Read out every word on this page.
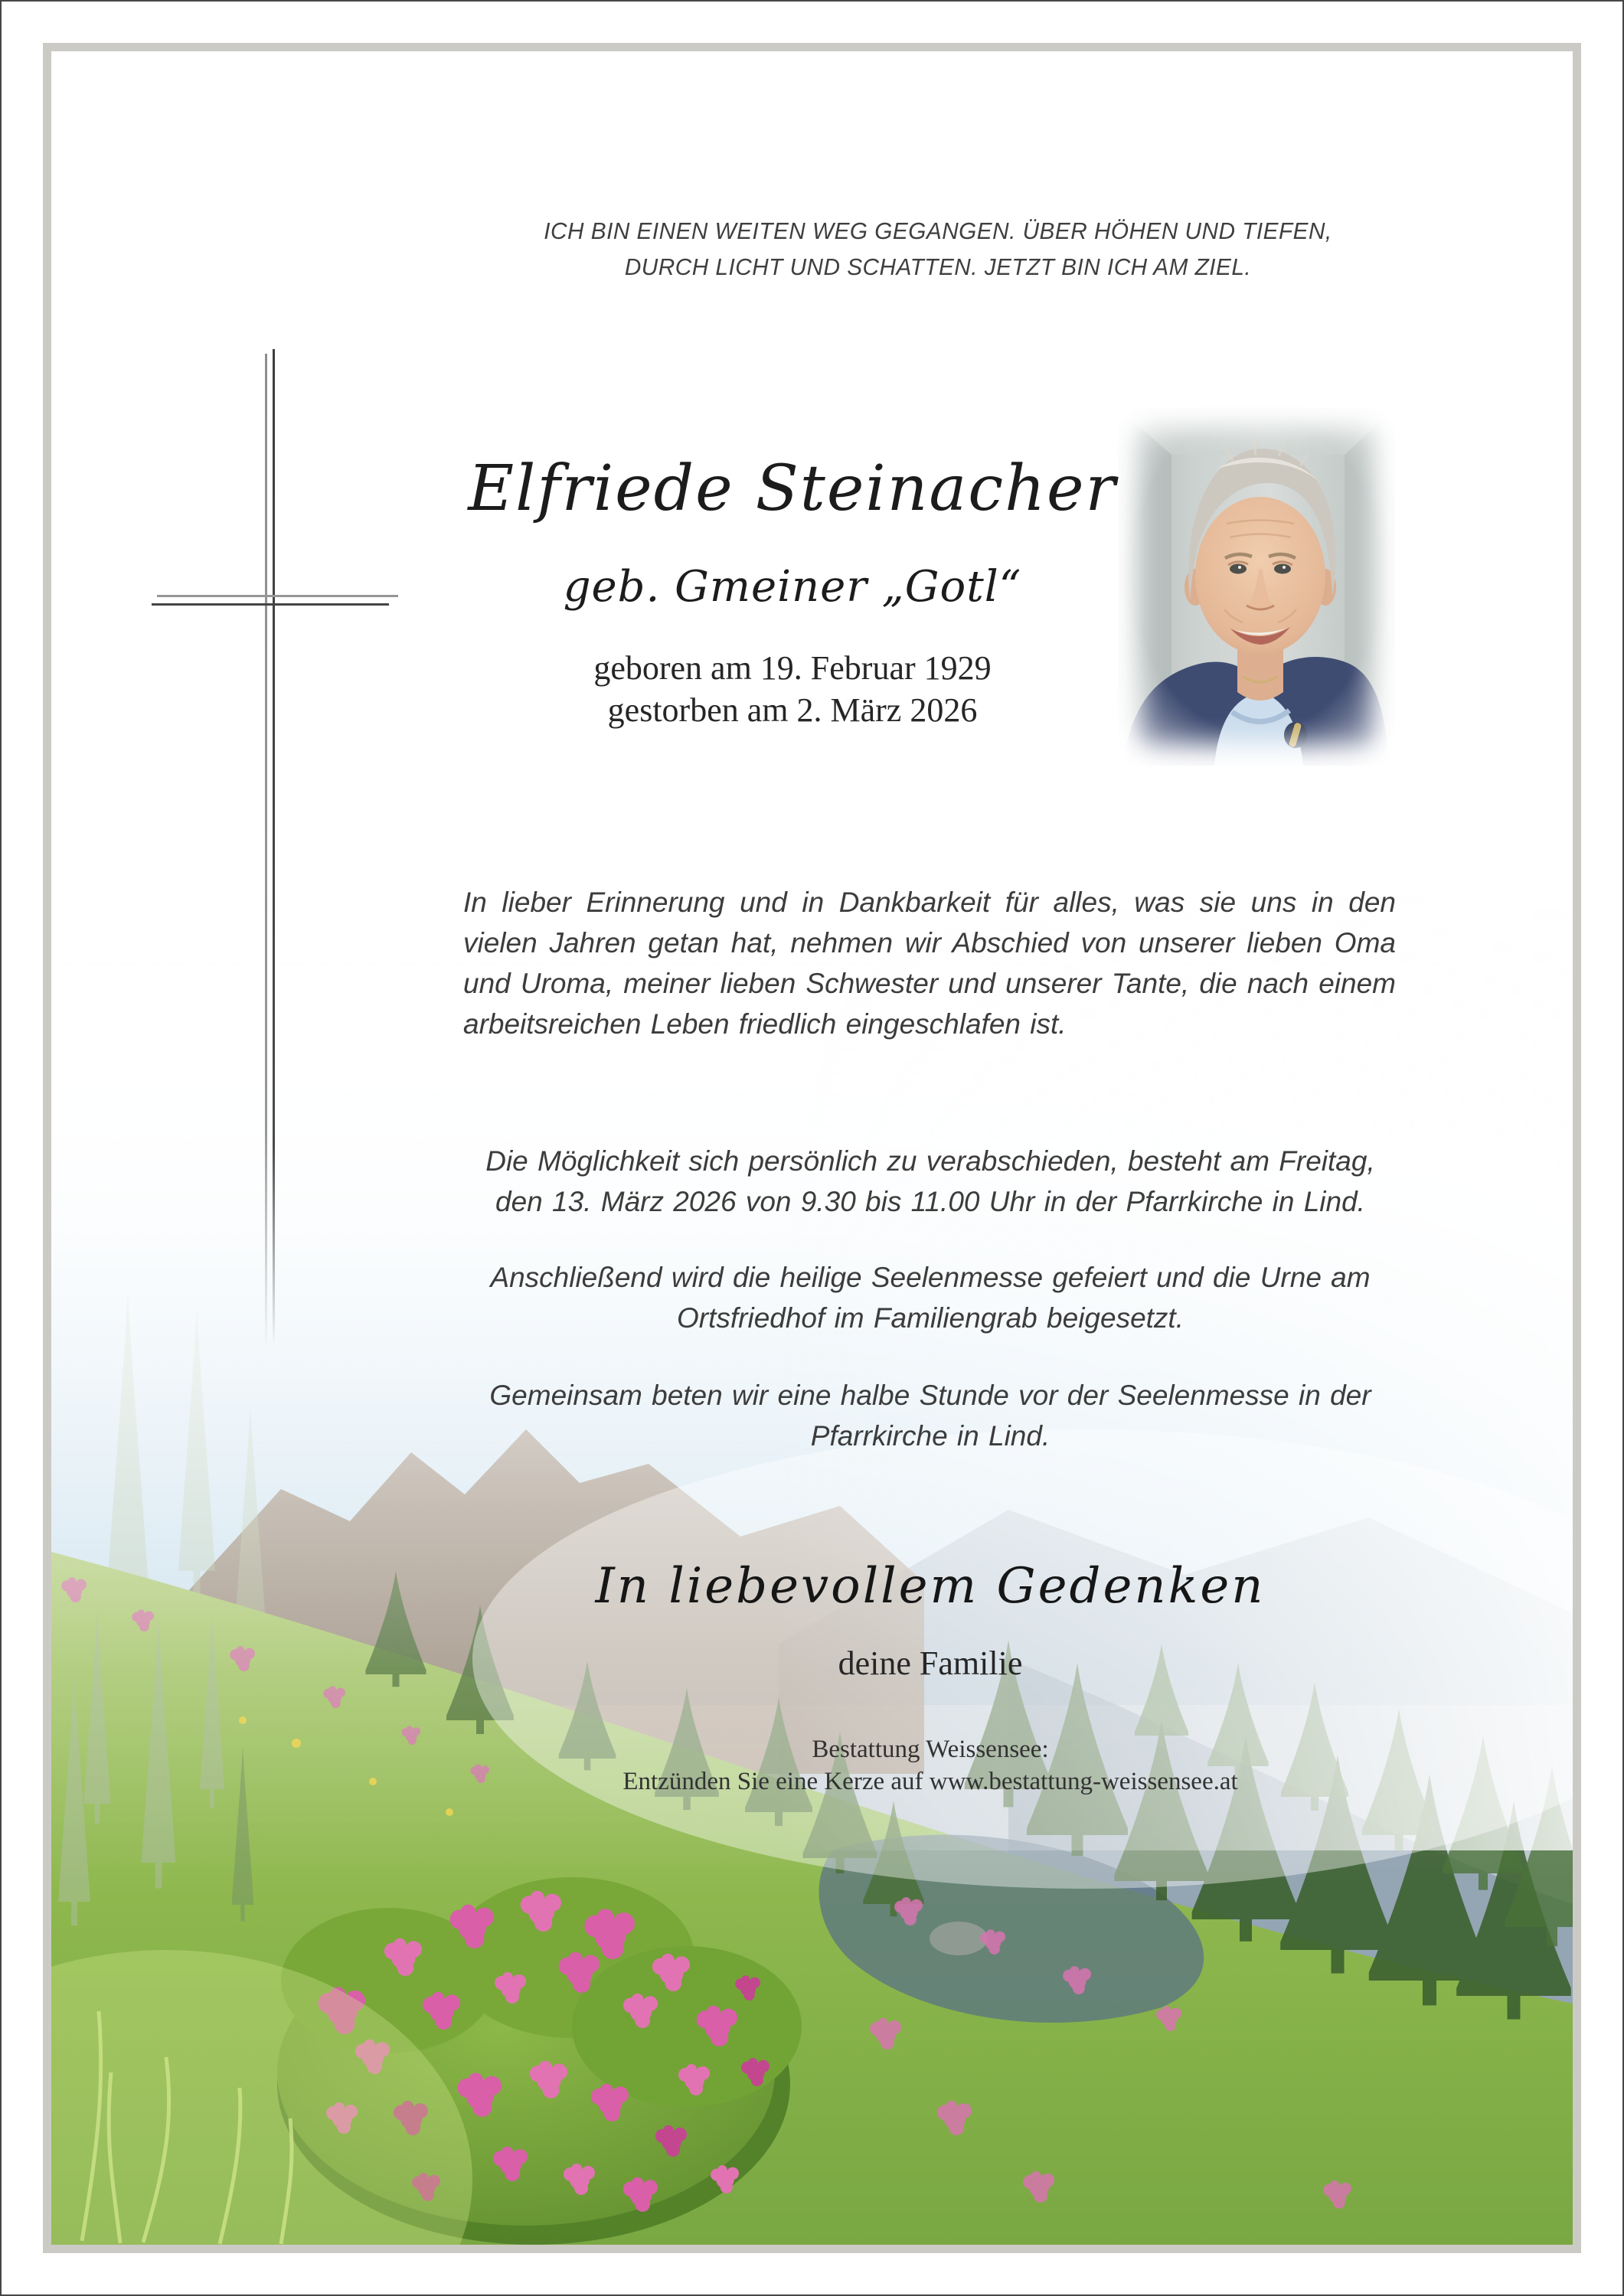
ICH BIN EINEN WEITEN WEG GEGANGEN. ÜBER HÖHEN UND TIEFEN,
DURCH LICHT UND SCHATTEN. JETZT BIN ICH AM ZIEL.
Elfriede Steinacher
geb. Gmeiner „Gotl“
geboren am 19. Februar 1929
gestorben am 2. März 2026
In lieber Erinnerung und in Dankbarkeit für alles, was sie uns in den
vielen Jahren getan hat, nehmen wir Abschied von unserer lieben Oma
und Uroma, meiner lieben Schwester und unserer Tante, die nach einem
arbeitsreichen Leben friedlich eingeschlafen ist.
Die Möglichkeit sich persönlich zu verabschieden, besteht am Freitag,
den 13. März 2026 von 9.30 bis 11.00 Uhr in der Pfarrkirche in Lind.
Anschließend wird die heilige Seelenmesse gefeiert und die Urne am
Ortsfriedhof im Familiengrab beigesetzt.
Gemeinsam beten wir eine halbe Stunde vor der Seelenmesse in der
Pfarrkirche in Lind.
In liebevollem Gedenken
deine Familie
Bestattung Weissensee:
Entzünden Sie eine Kerze auf www.bestattung-weissensee.at
